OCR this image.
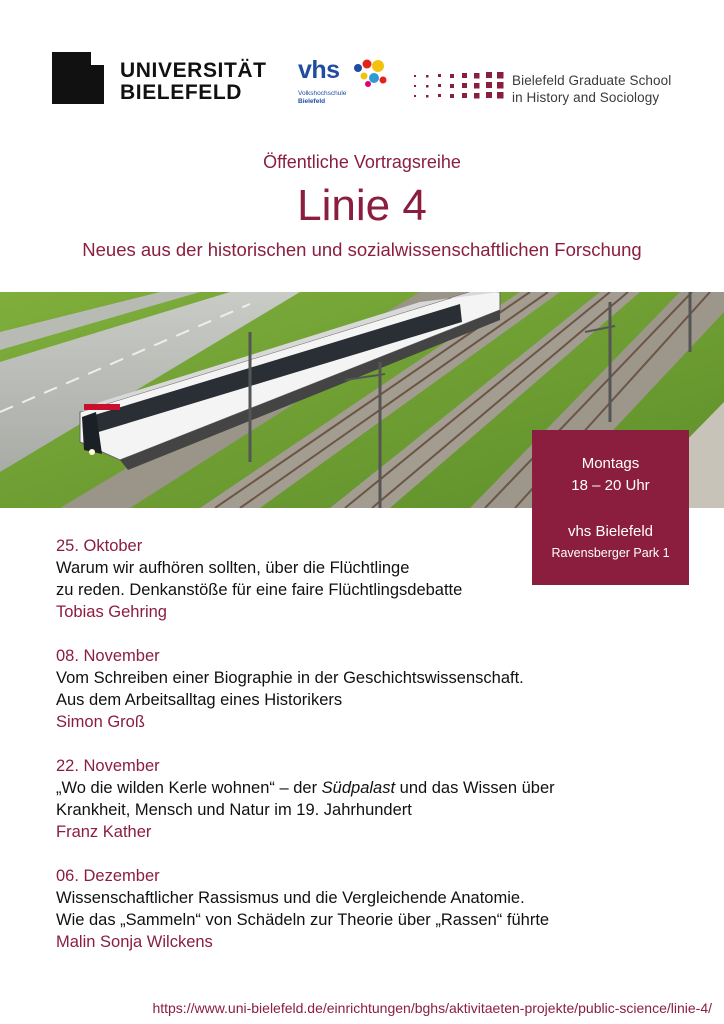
UNIVERSITÄT
BIELEFELD
vhs
Volkshochschule
Bielefeld
Bielefeld Graduate School
in History and Sociology
Öffentliche Vortragsreihe
Linie 4
Neues aus der historischen und sozialwissenschaftlichen Forschung
Montags
18 – 20 Uhr
vhs Bielefeld
Ravensberger Park 1
25. Oktober
Warum wir aufhören sollten, über die Flüchtlinge
zu reden. Denkanstöße für eine faire Flüchtlingsdebatte
Tobias Gehring
08. November
Vom Schreiben einer Biographie in der Geschichtswissenschaft.
Aus dem Arbeitsalltag eines Historikers
Simon Groß
22. November
„Wo die wilden Kerle wohnen“ – der Südpalast und das Wissen über
Krankheit, Mensch und Natur im 19. Jahrhundert
Franz Kather
06. Dezember
Wissenschaftlicher Rassismus und die Vergleichende Anatomie.
Wie das „Sammeln“ von Schädeln zur Theorie über „Rassen“ führte
Malin Sonja Wilckens
https://www.uni-bielefeld.de/einrichtungen/bghs/aktivitaeten-projekte/public-science/linie-4/
